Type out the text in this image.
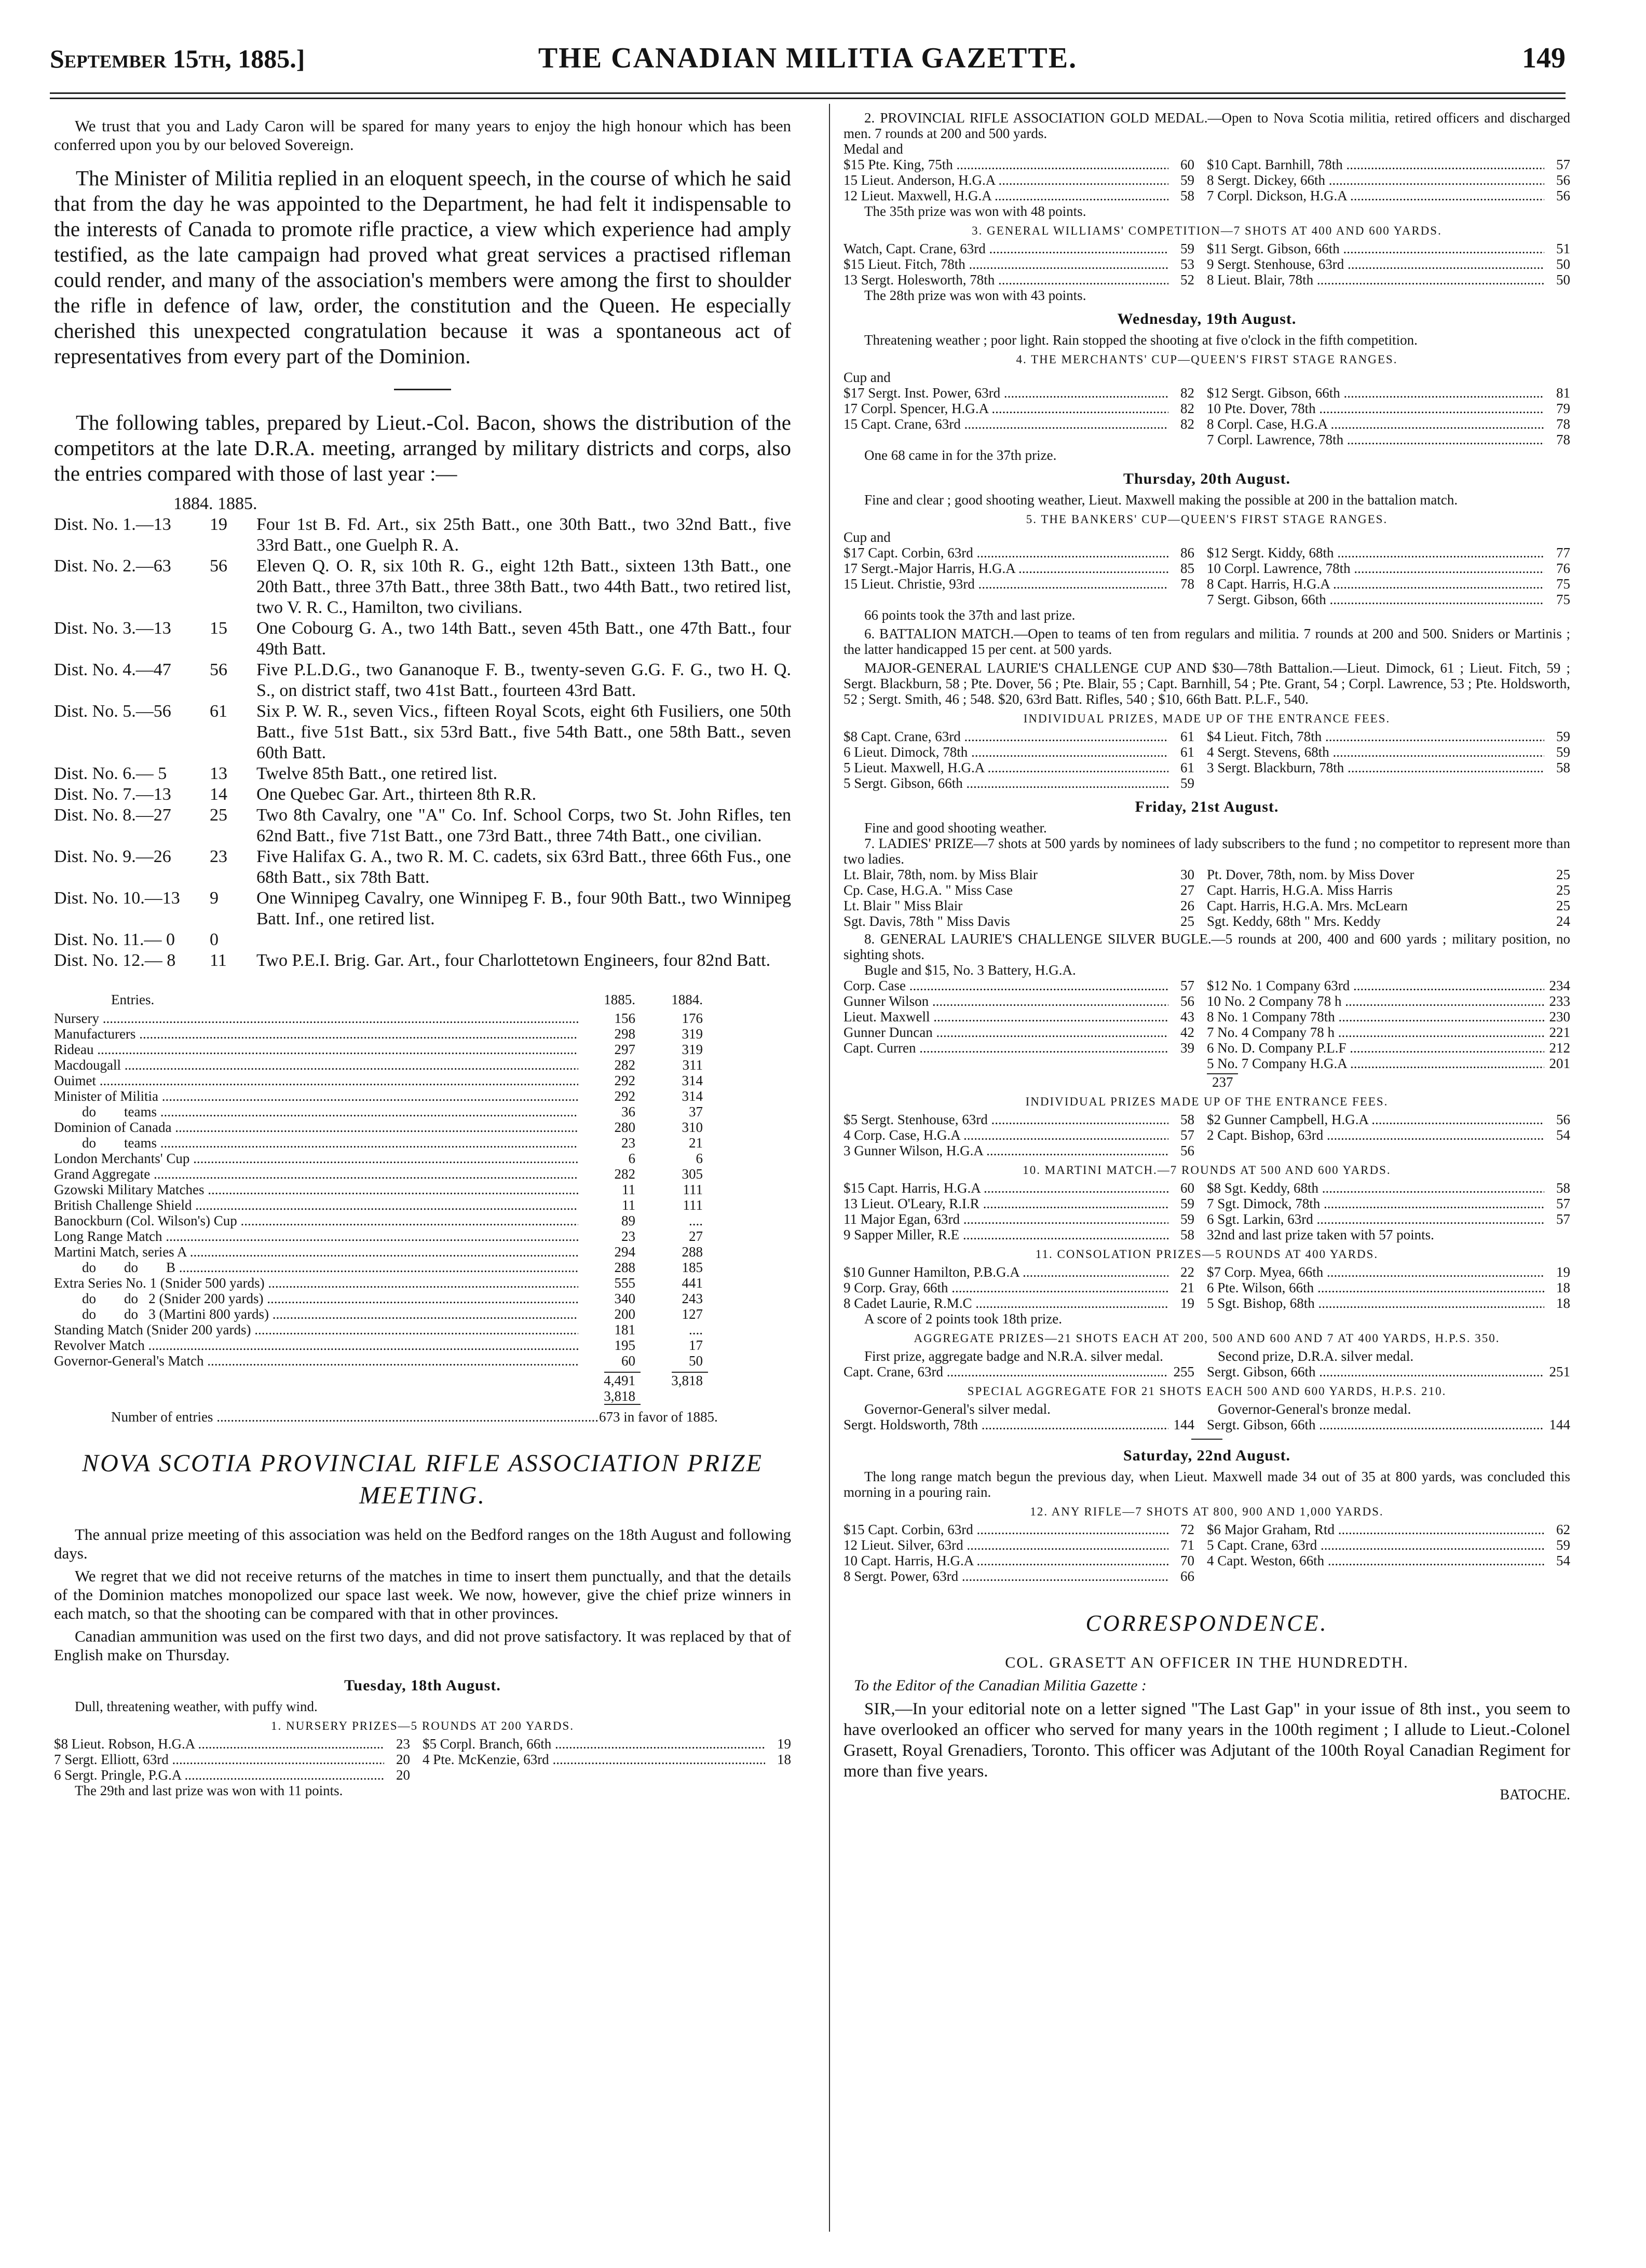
September 15th, 1885.]	THE CANADIAN MILITIA GAZETTE.	149

We trust that you and Lady Caron will be spared for many years to enjoy the high honour which has been conferred upon you by our beloved Sovereign.

The Minister of Militia replied in an eloquent speech, in the course of which he said that from the day he was appointed to the Department, he had felt it indispensable to the interests of Canada to promote rifle practice, a view which experience had amply testified, as the late campaign had proved what great services a practised rifleman could render, and many of the association's members were among the first to shoulder the rifle in defence of law, order, the constitution and the Queen. He especially cherished this unexpected congratulation because it was a spontaneous act of representatives from every part of the Dominion.

The following tables, prepared by Lieut.-Col. Bacon, shows the distribution of the competitors at the late D.R.A. meeting, arranged by military districts and corps, also the entries compared with those of last year :—

1884. 1885.
Dist. No. 1.—13	19	Four 1st B. Fd. Art., six 25th Batt., one 30th Batt., two 32nd Batt., five 33rd Batt., one Guelph R. A.
Dist. No. 2.—63	56	Eleven Q. O. R, six 10th R. G., eight 12th Batt., sixteen 13th Batt., one 20th Batt., three 37th Batt., three 38th Batt., two 44th Batt., two retired list, two V. R. C., Hamilton, two civilians.
Dist. No. 3.—13	15	One Cobourg G. A., two 14th Batt., seven 45th Batt., one 47th Batt., four 49th Batt.
Dist. No. 4.—47	56	Five P.L.D.G., two Gananoque F. B., twenty-seven G.G. F. G., two H. Q. S., on district staff, two 41st Batt., fourteen 43rd Batt.
Dist. No. 5.—56	61	Six P. W. R., seven Vics., fifteen Royal Scots, eight 6th Fusiliers, one 50th Batt., five 51st Batt., six 53rd Batt., five 54th Batt., one 58th Batt., seven 60th Batt.
Dist. No. 6.— 5	13	Twelve 85th Batt., one retired list.
Dist. No. 7.—13	14	One Quebec Gar. Art., thirteen 8th R.R.
Dist. No. 8.—27	25	Two 8th Cavalry, one "A" Co. Inf. School Corps, two St. John Rifles, ten 62nd Batt., five 71st Batt., one 73rd Batt., three 74th Batt., one civilian.
Dist. No. 9.—26	23	Five Halifax G. A., two R. M. C. cadets, six 63rd Batt., three 66th Fus., one 68th Batt., six 78th Batt.
Dist. No. 10.—13	9	One Winnipeg Cavalry, one Winnipeg F. B., four 90th Batt., two Winnipeg Batt. Inf., one retired list.
Dist. No. 11.— 0	0
Dist. No. 12.— 8	11	Two P.E.I. Brig. Gar. Art., four Charlottetown Engineers, four 82nd Batt.
Entries.	1885.	1884.
Nursery .....	156	176
Manufacturers .....	298	319
Rideau .....	297	319
Macdougall .....	282	311
Ouimet .....	292	314
Minister of Militia .....	292	314
do        teams .....	36	37
Dominion of Canada .....	280	310
do        teams .....	23	21
London Merchants' Cup .....	6	6
Grand Aggregate .....	282	305
Gzowski Military Matches .....	11	111
British Challenge Shield .....	11	111
Banockburn (Col. Wilson's) Cup .....	89	....
Long Range Match .....	23	27
Martini Match, series A .....	294	288
do        do        B .....	288	185
Extra Series No. 1 (Snider 500 yards) .....	555	441
do        do   2 (Snider 200 yards) .....	340	243
do        do   3 (Martini 800 yards) .....	200	127
Standing Match (Snider 200 yards) .....	181	....
Revolver Match .....	195	17
Governor-General's Match .....	60	50
4,491	3,818
3,818
Number of entries .....	673 in favor of 1885.
NOVA SCOTIA PROVINCIAL RIFLE ASSOCIATION PRIZE MEETING.

The annual prize meeting of this association was held on the Bedford ranges on the 18th August and following days.

We regret that we did not receive returns of the matches in time to insert them punctually, and that the details of the Dominion matches monopolized our space last week. We now, however, give the chief prize winners in each match, so that the shooting can be compared with that in other provinces.

Canadian ammunition was used on the first two days, and did not prove satisfactory. It was replaced by that of English make on Thursday.

Tuesday, 18th August.
Dull, threatening weather, with puffy wind.
1. NURSERY PRIZES—5 ROUNDS AT 200 YARDS.
$8 Lieut. Robson, H.G.A .....	23 $5 Corpl. Branch, 66th .....	19
7 Sergt. Elliott, 63rd .....	20 4 Pte. McKenzie, 63rd .....	18
6 Sergt. Pringle, P.G.A .....	20
The 29th and last prize was won with 11 points.

2. PROVINCIAL RIFLE ASSOCIATION GOLD MEDAL.—Open to Nova Scotia militia, retired officers and discharged men. 7 rounds at 200 and 500 yards.

Medal and
$15 Pte. King, 75th .....	60 $10 Capt. Barnhill, 78th .....	57
15 Lieut. Anderson, H.G.A .....	59 8 Sergt. Dickey, 66th .....	56
12 Lieut. Maxwell, H.G.A .....	58 7 Corpl. Dickson, H.G.A .....	56
The 35th prize was won with 48 points.
3. GENERAL WILLIAMS' COMPETITION—7 SHOTS AT 400 AND 600 YARDS.
Watch, Capt. Crane, 63rd .....	59 $11 Sergt. Gibson, 66th .....	51
$15 Lieut. Fitch, 78th .....	53 9 Sergt. Stenhouse, 63rd .....	50
13 Sergt. Holesworth, 78th .....	52 8 Lieut. Blair, 78th .....	50
The 28th prize was won with 43 points.
Wednesday, 19th August.

Threatening weather ; poor light. Rain stopped the shooting at five o'clock in the fifth competition.

4. THE MERCHANTS' CUP—QUEEN'S FIRST STAGE RANGES.
Cup and
$17 Sergt. Inst. Power, 63rd .....	82 $12 Sergt. Gibson, 66th .....	81
17 Corpl. Spencer, H.G.A .....	82 10 Pte. Dover, 78th .....	79
15 Capt. Crane, 63rd .....	82 8 Corpl. Case, H.G.A .....	78
7 Corpl. Lawrence, 78th .....	78
One 68 came in for the 37th prize.
Thursday, 20th August.

Fine and clear ; good shooting weather, Lieut. Maxwell making the possible at 200 in the battalion match.

5. THE BANKERS' CUP—QUEEN'S FIRST STAGE RANGES.
Cup and
$17 Capt. Corbin, 63rd .....	86 $12 Sergt. Kiddy, 68th .....	77
17 Sergt.-Major Harris, H.G.A .....	85 10 Corpl. Lawrence, 78th .....	76
15 Lieut. Christie, 93rd .....	78 8 Capt. Harris, H.G.A .....	75
7 Sergt. Gibson, 66th .....	75
66 points took the 37th and last prize.

6. BATTALION MATCH.—Open to teams of ten from regulars and militia. 7 rounds at 200 and 500. Sniders or Martinis ; the latter handicapped 15 per cent. at 500 yards.

MAJOR-GENERAL LAURIE'S CHALLENGE CUP AND $30—78th Battalion.—Lieut. Dimock, 61 ; Lieut. Fitch, 59 ; Sergt. Blackburn, 58 ; Pte. Dover, 56 ; Pte. Blair, 55 ; Capt. Barnhill, 54 ; Pte. Grant, 54 ; Corpl. Lawrence, 53 ; Pte. Holdsworth, 52 ; Sergt. Smith, 46 ; 548. $20, 63rd Batt. Rifles, 540 ; $10, 66th Batt. P.L.F., 540.

INDIVIDUAL PRIZES, MADE UP OF THE ENTRANCE FEES.
$8 Capt. Crane, 63rd .....	61 $4 Lieut. Fitch, 78th .....	59
6 Lieut. Dimock, 78th .....	61 4 Sergt. Stevens, 68th .....	59
5 Lieut. Maxwell, H.G.A .....	61 3 Sergt. Blackburn, 78th .....	58
5 Sergt. Gibson, 66th .....	59
Friday, 21st August.
Fine and good shooting weather.

7. LADIES' PRIZE—7 shots at 500 yards by nominees of lady subscribers to the fund ; no competitor to represent more than two ladies.

Lt. Blair, 78th, nom. by Miss Blair	30 Pt. Dover, 78th, nom. by Miss Dover	25
Cp. Case, H.G.A. " Miss Case	27 Capt. Harris, H.G.A. Miss Harris	25
Lt. Blair " Miss Blair	26 Capt. Harris, H.G.A. Mrs. McLearn	25
Sgt. Davis, 78th " Miss Davis	25 Sgt. Keddy, 68th " Mrs. Keddy	24

8. GENERAL LAURIE'S CHALLENGE SILVER BUGLE.—5 rounds at 200, 400 and 600 yards ; military position, no sighting shots.

Bugle and $15, No. 3 Battery, H.G.A.
Corp. Case .....	57 $12 No. 1 Company 63rd .....	234
Gunner Wilson .....	56 10 No. 2 Company 78 h .....	233
Lieut. Maxwell .....	43 8 No. 1 Company 78th .....	230
Gunner Duncan .....	42 7 No. 4 Company 78 h .....	221
Capt. Curren .....	39 6 No. D. Company P.L.F .....	212
5 No. 7 Company H.G.A .....	201
237
INDIVIDUAL PRIZES MADE UP OF THE ENTRANCE FEES.
$5 Sergt. Stenhouse, 63rd .....	58 $2 Gunner Campbell, H.G.A .....	56
4 Corp. Case, H.G.A .....	57 2 Capt. Bishop, 63rd .....	54
3 Gunner Wilson, H.G.A .....	56
10. MARTINI MATCH.—7 ROUNDS AT 500 AND 600 YARDS.
$15 Capt. Harris, H.G.A .....	60 $8 Sgt. Keddy, 68th .....	58
13 Lieut. O'Leary, R.I.R .....	59 7 Sgt. Dimock, 78th .....	57
11 Major Egan, 63rd .....	59 6 Sgt. Larkin, 63rd .....	57
9 Sapper Miller, R.E .....	58 32nd and last prize taken with 57 points.
11. CONSOLATION PRIZES—5 ROUNDS AT 400 YARDS.
$10 Gunner Hamilton, P.B.G.A .....	22 $7 Corp. Myea, 66th .....	19
9 Corp. Gray, 66th .....	21 6 Pte. Wilson, 66th .....	18
8 Cadet Laurie, R.M.C .....	19 5 Sgt. Bishop, 68th .....	18
A score of 2 points took 18th prize.
AGGREGATE PRIZES—21 SHOTS EACH AT 200, 500 AND 600 AND 7 AT 400 YARDS, H.P.S. 350.
First prize, aggregate badge and N.R.A. silver medal.	Second prize, D.R.A. silver medal.
Capt. Crane, 63rd .....	255 Sergt. Gibson, 66th .....	251
SPECIAL AGGREGATE FOR 21 SHOTS EACH 500 AND 600 YARDS, H.P.S. 210.
Governor-General's silver medal.	Governor-General's bronze medal.
Sergt. Holdsworth, 78th .....	144 Sergt. Gibson, 66th .....	144
Saturday, 22nd August.

The long range match begun the previous day, when Lieut. Maxwell made 34 out of 35 at 800 yards, was concluded this morning in a pouring rain.

12. ANY RIFLE—7 SHOTS AT 800, 900 AND 1,000 YARDS.
$15 Capt. Corbin, 63rd .....	72 $6 Major Graham, Rtd .....	62
12 Lieut. Silver, 63rd .....	71 5 Capt. Crane, 63rd .....	59
10 Capt. Harris, H.G.A .....	70 4 Capt. Weston, 66th .....	54
8 Sergt. Power, 63rd .....	66
CORRESPONDENCE.
COL. GRASETT AN OFFICER IN THE HUNDREDTH.
To the Editor of the Canadian Militia Gazette :

SIR,—In your editorial note on a letter signed "The Last Gap" in your issue of 8th inst., you seem to have overlooked an officer who served for many years in the 100th regiment ; I allude to Lieut.-Colonel Grasett, Royal Grenadiers, Toronto. This officer was Adjutant of the 100th Royal Canadian Regiment for more than five years.

BATOCHE.
